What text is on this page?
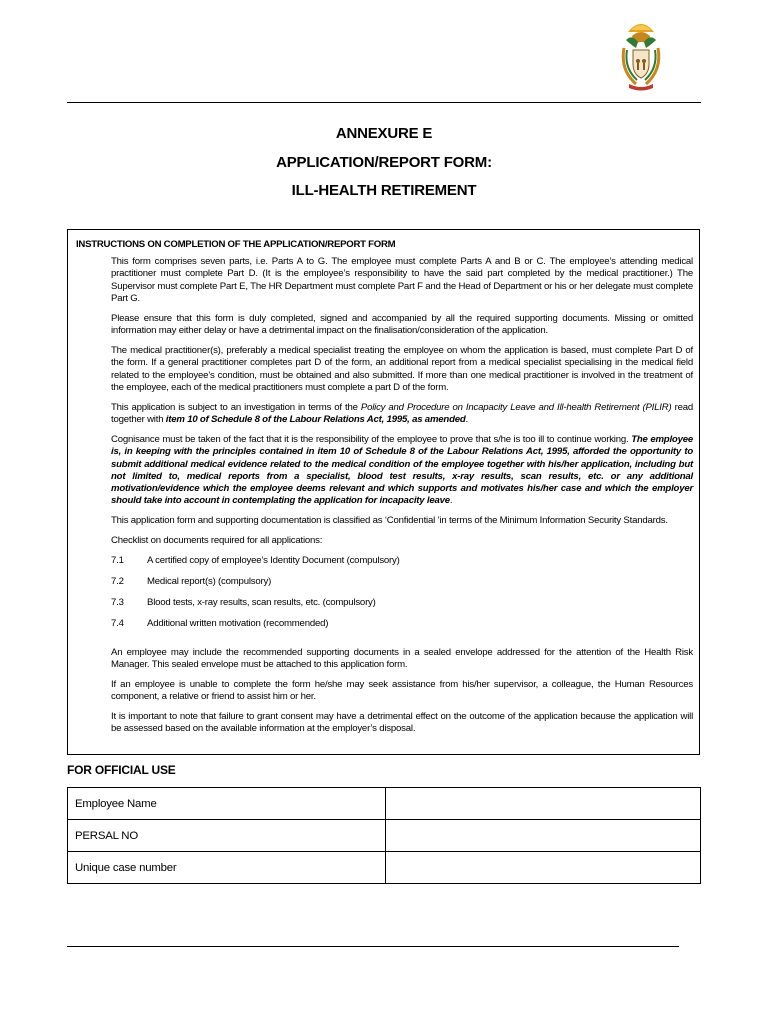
ANNEXURE E
APPLICATION/REPORT FORM:
ILL-HEALTH RETIREMENT
INSTRUCTIONS ON COMPLETION OF THE APPLICATION/REPORT FORM

This form comprises seven parts, i.e. Parts A to G. The employee must complete Parts A and B or C. The employee’s attending medical practitioner must complete Part D. (It is the employee’s responsibility to have the said part completed by the medical practitioner.) The Supervisor must complete Part E, The HR Department must complete Part F and the Head of Department or his or her delegate must complete Part G.

Please ensure that this form is duly completed, signed and accompanied by all the required supporting documents. Missing or omitted information may either delay or have a detrimental impact on the finalisation/consideration of the application.

The medical practitioner(s), preferably a medical specialist treating the employee on whom the application is based, must complete Part D of the form. If a general practitioner completes part D of the form, an additional report from a medical specialist specialising in the medical field related to the employee’s condition, must be obtained and also submitted. If more than one medical practitioner is involved in the treatment of the employee, each of the medical practitioners must complete a part D of the form.

This application is subject to an investigation in terms of the Policy and Procedure on Incapacity Leave and Ill-health Retirement (PILIR) read together with item 10 of Schedule 8 of the Labour Relations Act, 1995, as amended.

Cognisance must be taken of the fact that it is the responsibility of the employee to prove that s/he is too ill to continue working. The employee is, in keeping with the principles contained in item 10 of Schedule 8 of the Labour Relations Act, 1995, afforded the opportunity to submit additional medical evidence related to the medical condition of the employee together with his/her application, including but not limited to, medical reports from a specialist, blood test results, x-ray results, scan results, etc. or any additional motivation/evidence which the employee deems relevant and which supports and motivates his/her case and which the employer should take into account in contemplating the application for incapacity leave.

This application form and supporting documentation is classified as ‘Confidential ’in terms of the Minimum Information Security Standards.

Checklist on documents required for all applications:

7.1	A certified copy of employee’s Identity Document (compulsory)
7.2	Medical report(s) (compulsory)
7.3	Blood tests, x-ray results, scan results, etc. (compulsory)
7.4	Additional written motivation (recommended)

An employee may include the recommended supporting documents in a sealed envelope addressed for the attention of the Health Risk Manager. This sealed envelope must be attached to this application form.

If an employee is unable to complete the form he/she may seek assistance from his/her supervisor, a colleague, the Human Resources component, a relative or friend to assist him or her.

It is important to note that failure to grant consent may have a detrimental effect on the outcome of the application because the application will be assessed based on the available information at the employer’s disposal.

FOR OFFICIAL USE
Employee Name	
PERSAL NO	
Unique case number	
